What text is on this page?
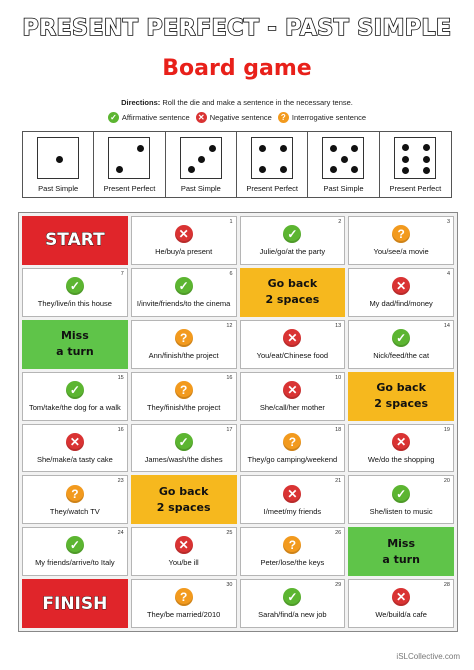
PRESENT PERFECT - PAST SIMPLE
Board game
Directions: Roll the die and make a sentence in the necessary tense.
✓ Affirmative sentence ✕ Negative sentence	? Interrogative sentence
Past Simple	Present Perfect	Past Simple	Present Perfect	Past Simple	Present Perfect
START
1
✕
He/buy/a present
2
✓
Julie/go/at the party
3
?
You/see/a movie
7
✓
They/live/in this house
6
✓
I/invite/friends/to the cinema
Go back
2 spaces
4
✕
My dad/find/money
Miss
a turn
12
?
Ann/finish/the project
13
✕
You/eat/Chinese food
14
✓
Nick/feed/the cat
15
✓
Tom/take/the dog for a walk
16
?
They/finish/the project
10
✕
She/call/her mother
Go back
2 spaces
16
✕
She/make/a tasty cake
17
✓
James/wash/the dishes
18
?
They/go camping/weekend
19
✕
We/do the shopping
23
?
They/watch TV
Go back
2 spaces
21
✕
I/meet/my friends
20
✓
She/listen to music
24
✓
My friends/arrive/to Italy
25
✕
You/be ill
26
?
Peter/lose/the keys
Miss
a turn
FINISH
30
?
They/be married/2010
29
✓
Sarah/find/a new job
28
✕
We/build/a cafe
iSLCollective.com
